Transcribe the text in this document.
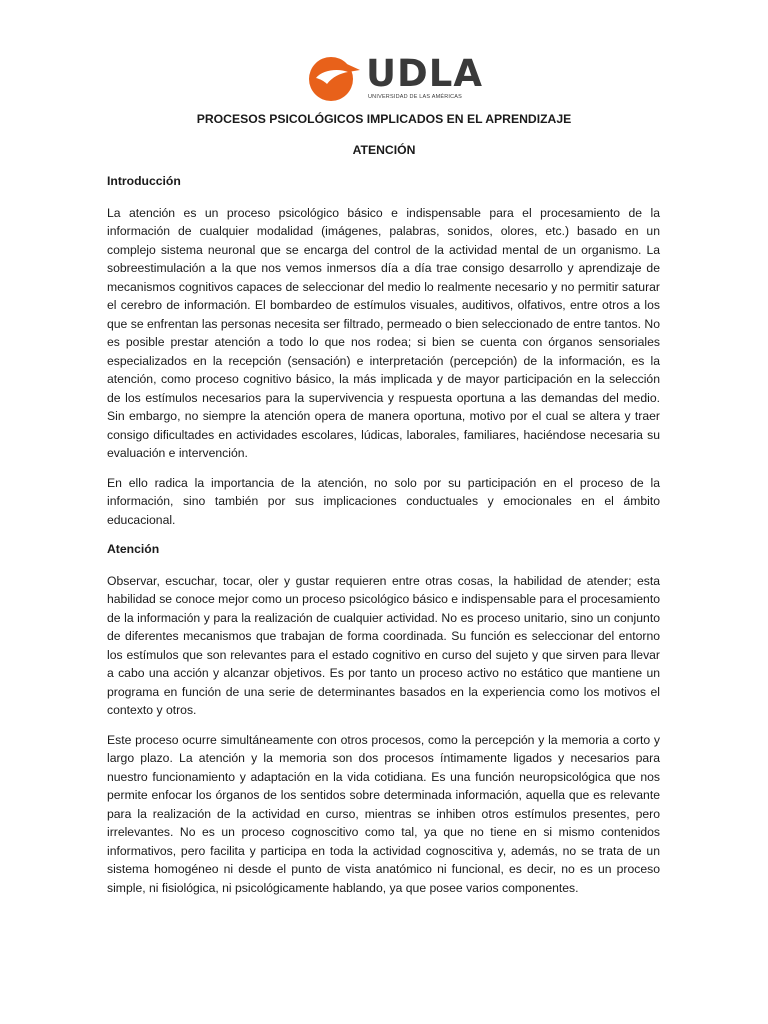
UDLA
UNIVERSIDAD DE LAS AMÉRICAS
PROCESOS PSICOLÓGICOS IMPLICADOS EN EL APRENDIZAJE
ATENCIÓN
Introducción

La atención es un proceso psicológico básico e indispensable para el procesamiento de la información de cualquier modalidad (imágenes, palabras, sonidos, olores, etc.) basado en un complejo sistema neuronal que se encarga del control de la actividad mental de un organismo. La sobreestimulación a la que nos vemos inmersos día a día trae consigo desarrollo y aprendizaje de mecanismos cognitivos capaces de seleccionar del medio lo realmente necesario y no permitir saturar el cerebro de información. El bombardeo de estímulos visuales, auditivos, olfativos, entre otros a los que se enfrentan las personas necesita ser filtrado, permeado o bien seleccionado de entre tantos. No es posible prestar atención a todo lo que nos rodea; si bien se cuenta con órganos sensoriales especializados en la recepción (sensación) e interpretación (percepción) de la información, es la atención, como proceso cognitivo básico, la más implicada y de mayor participación en la selección de los estímulos necesarios para la supervivencia y respuesta oportuna a las demandas del medio. Sin embargo, no siempre la atención opera de manera oportuna, motivo por el cual se altera y traer consigo dificultades en actividades escolares, lúdicas, laborales, familiares, haciéndose necesaria su evaluación e intervención.

En ello radica la importancia de la atención, no solo por su participación en el proceso de la información, sino también por sus implicaciones conductuales y emocionales en el ámbito educacional.

Atención

Observar, escuchar, tocar, oler y gustar requieren entre otras cosas, la habilidad de atender; esta habilidad se conoce mejor como un proceso psicológico básico e indispensable para el procesamiento de la información y para la realización de cualquier actividad. No es proceso unitario, sino un conjunto de diferentes mecanismos que trabajan de forma coordinada. Su función es seleccionar del entorno los estímulos que son relevantes para el estado cognitivo en curso del sujeto y que sirven para llevar a cabo una acción y alcanzar objetivos. Es por tanto un proceso activo no estático que mantiene un programa en función de una serie de determinantes basados en la experiencia como los motivos el contexto y otros.

Este proceso ocurre simultáneamente con otros procesos, como la percepción y la memoria a corto y largo plazo. La atención y la memoria son dos procesos íntimamente ligados y necesarios para nuestro funcionamiento y adaptación en la vida cotidiana. Es una función neuropsicológica que nos permite enfocar los órganos de los sentidos sobre determinada información, aquella que es relevante para la realización de la actividad en curso, mientras se inhiben otros estímulos presentes, pero irrelevantes. No es un proceso cognoscitivo como tal, ya que no tiene en si mismo contenidos informativos, pero facilita y participa en toda la actividad cognoscitiva y, además, no se trata de un sistema homogéneo ni desde el punto de vista anatómico ni funcional, es decir, no es un proceso simple, ni fisiológica, ni psicológicamente hablando, ya que posee varios componentes.
